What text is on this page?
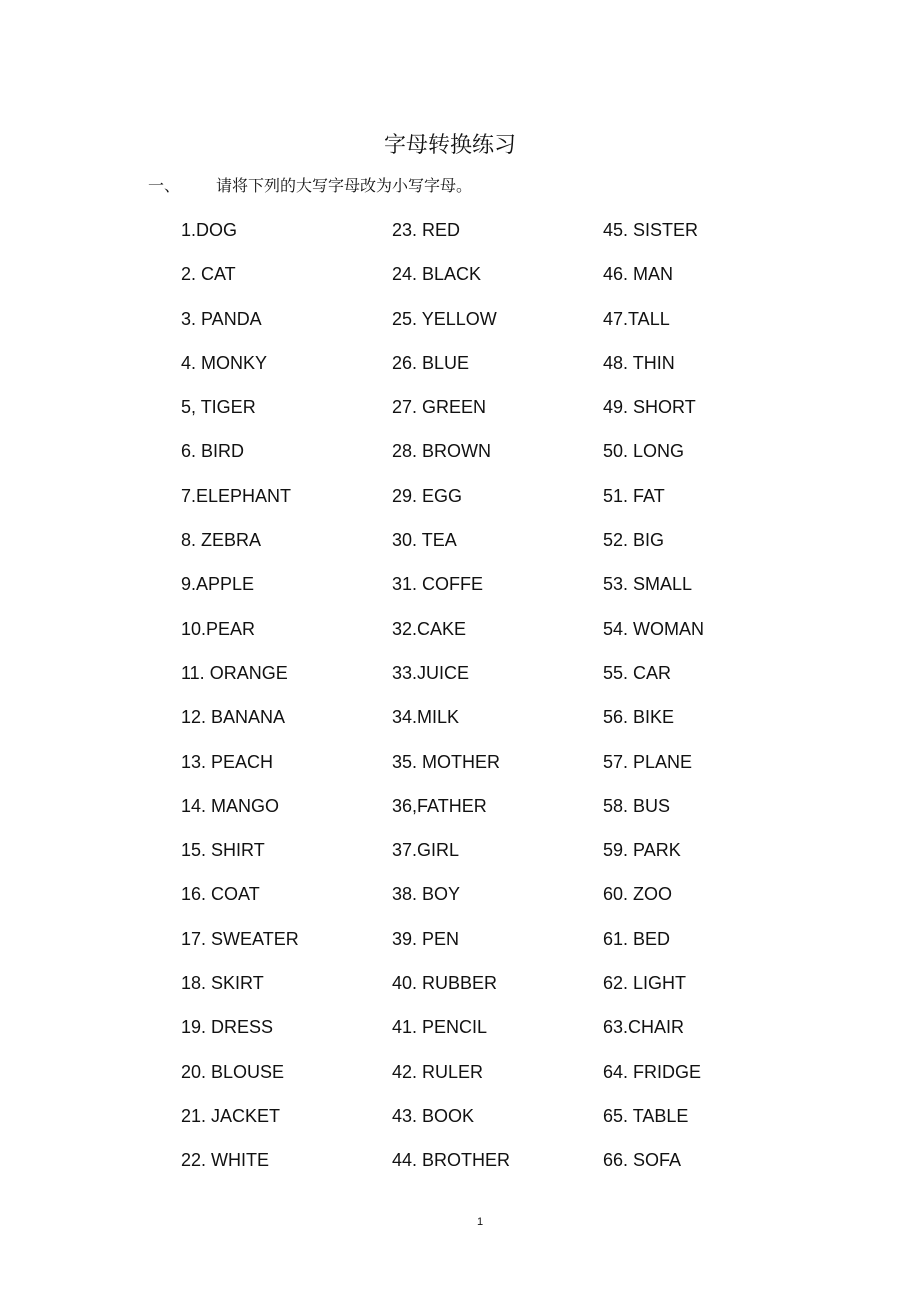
字母转换练习
一、 请将下列的大写字母改为小写字母。
1.DOG
2. CAT
3. PANDA
4. MONKY
5, TIGER
6. BIRD
7.ELEPHANT
8. ZEBRA
9.APPLE
10.PEAR
11. ORANGE
12. BANANA
13. PEACH
14. MANGO
15. SHIRT
16. COAT
17. SWEATER
18. SKIRT
19. DRESS
20. BLOUSE
21. JACKET
22. WHITE
23. RED
24. BLACK
25. YELLOW
26. BLUE
27. GREEN
28. BROWN
29. EGG
30. TEA
31. COFFE
32.CAKE
33.JUICE
34.MILK
35. MOTHER
36,FATHER
37.GIRL
38. BOY
39. PEN
40. RUBBER
41. PENCIL
42. RULER
43. BOOK
44. BROTHER
45. SISTER
46. MAN
47.TALL
48. THIN
49. SHORT
50. LONG
51. FAT
52. BIG
53. SMALL
54. WOMAN
55. CAR
56. BIKE
57. PLANE
58. BUS
59. PARK
60. ZOO
61. BED
62. LIGHT
63.CHAIR
64. FRIDGE
65. TABLE
66. SOFA
1
